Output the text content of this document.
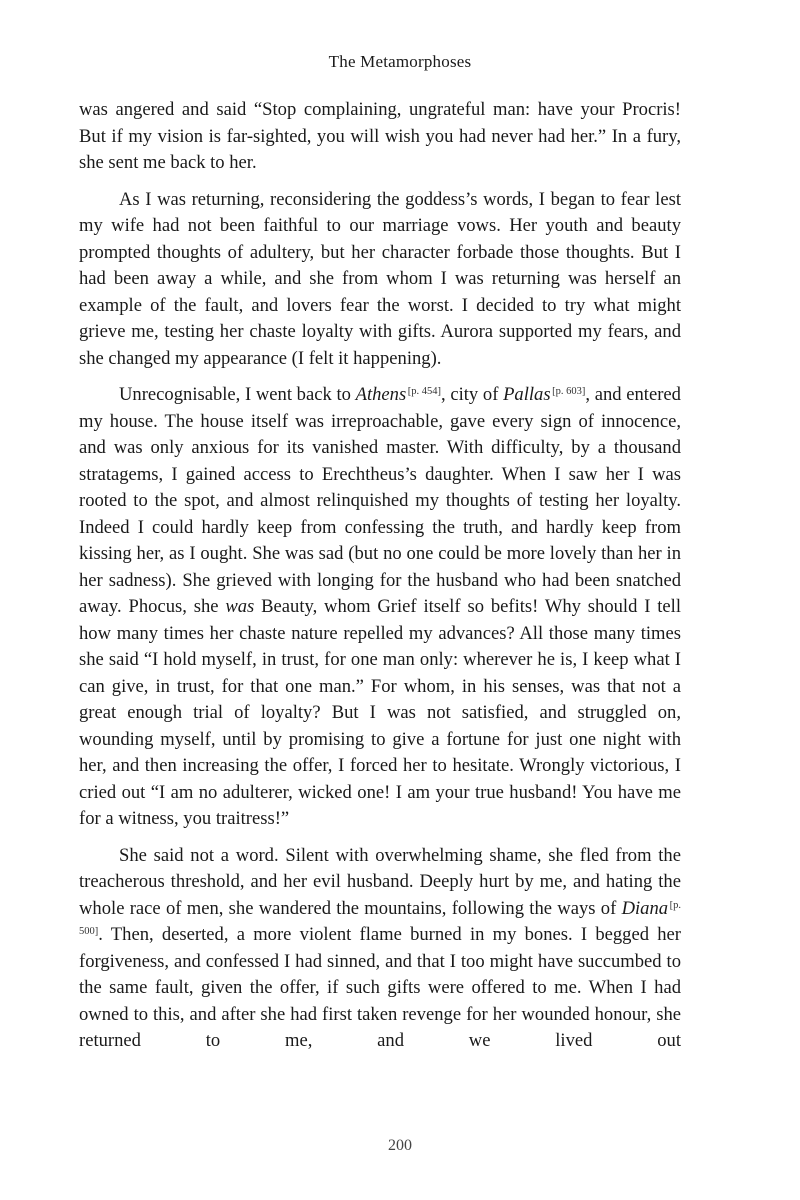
The Metamorphoses

was angered and said “Stop complaining, ungrateful man: have your Procris! But if my vision is far-sighted, you will wish you had never had her.” In a fury, she sent me back to her.

As I was returning, reconsidering the goddess’s words, I began to fear lest my wife had not been faithful to our marriage vows. Her youth and beauty prompted thoughts of adultery, but her character forbade those thoughts. But I had been away a while, and she from whom I was returning was herself an example of the fault, and lovers fear the worst. I decided to try what might grieve me, testing her chaste loyalty with gifts. Aurora supported my fears, and she changed my appearance (I felt it happening).

Unrecognisable, I went back to Athens  [p. 454], city of Pallas  [p. 603], and entered my house. The house itself was irreproachable, gave every sign of innocence, and was only anxious for its vanished master. With difficulty, by a thousand stratagems, I gained access to Erechtheus’s daughter. When I saw her I was rooted to the spot, and almost relinquished my thoughts of testing her loyalty. Indeed I could hardly keep from confessing the truth, and hardly keep from kissing her, as I ought. She was sad (but no one could be more lovely than her in her sadness). She grieved with longing for the husband who had been snatched away. Phocus, she was Beauty, whom Grief itself so befits! Why should I tell how many times her chaste nature repelled my advances? All those many times she said “I hold myself, in trust, for one man only: wherever he is, I keep what I can give, in trust, for that one man.” For whom, in his senses, was that not a great enough trial of loyalty? But I was not satisfied, and struggled on, wounding myself, until by promising to give a fortune for just one night with her, and then increasing the offer, I forced her to hesitate. Wrongly victorious, I cried out “I am no adulterer, wicked one! I am your true husband! You have me for a witness, you traitress!”

She said not a word. Silent with overwhelming shame, she fled from the treacherous threshold, and her evil husband. Deeply hurt by me, and hating the whole race of men, she wandered the mountains, following the ways of Diana  [p. 500]. Then, deserted, a more violent flame burned in my bones. I begged her forgiveness, and confessed I had sinned, and that I too might have succumbed to the same fault, given the offer, if such gifts were offered to me. When I had owned to this, and after she had first taken revenge for her wounded honour, she returned to me, and we lived out

200
